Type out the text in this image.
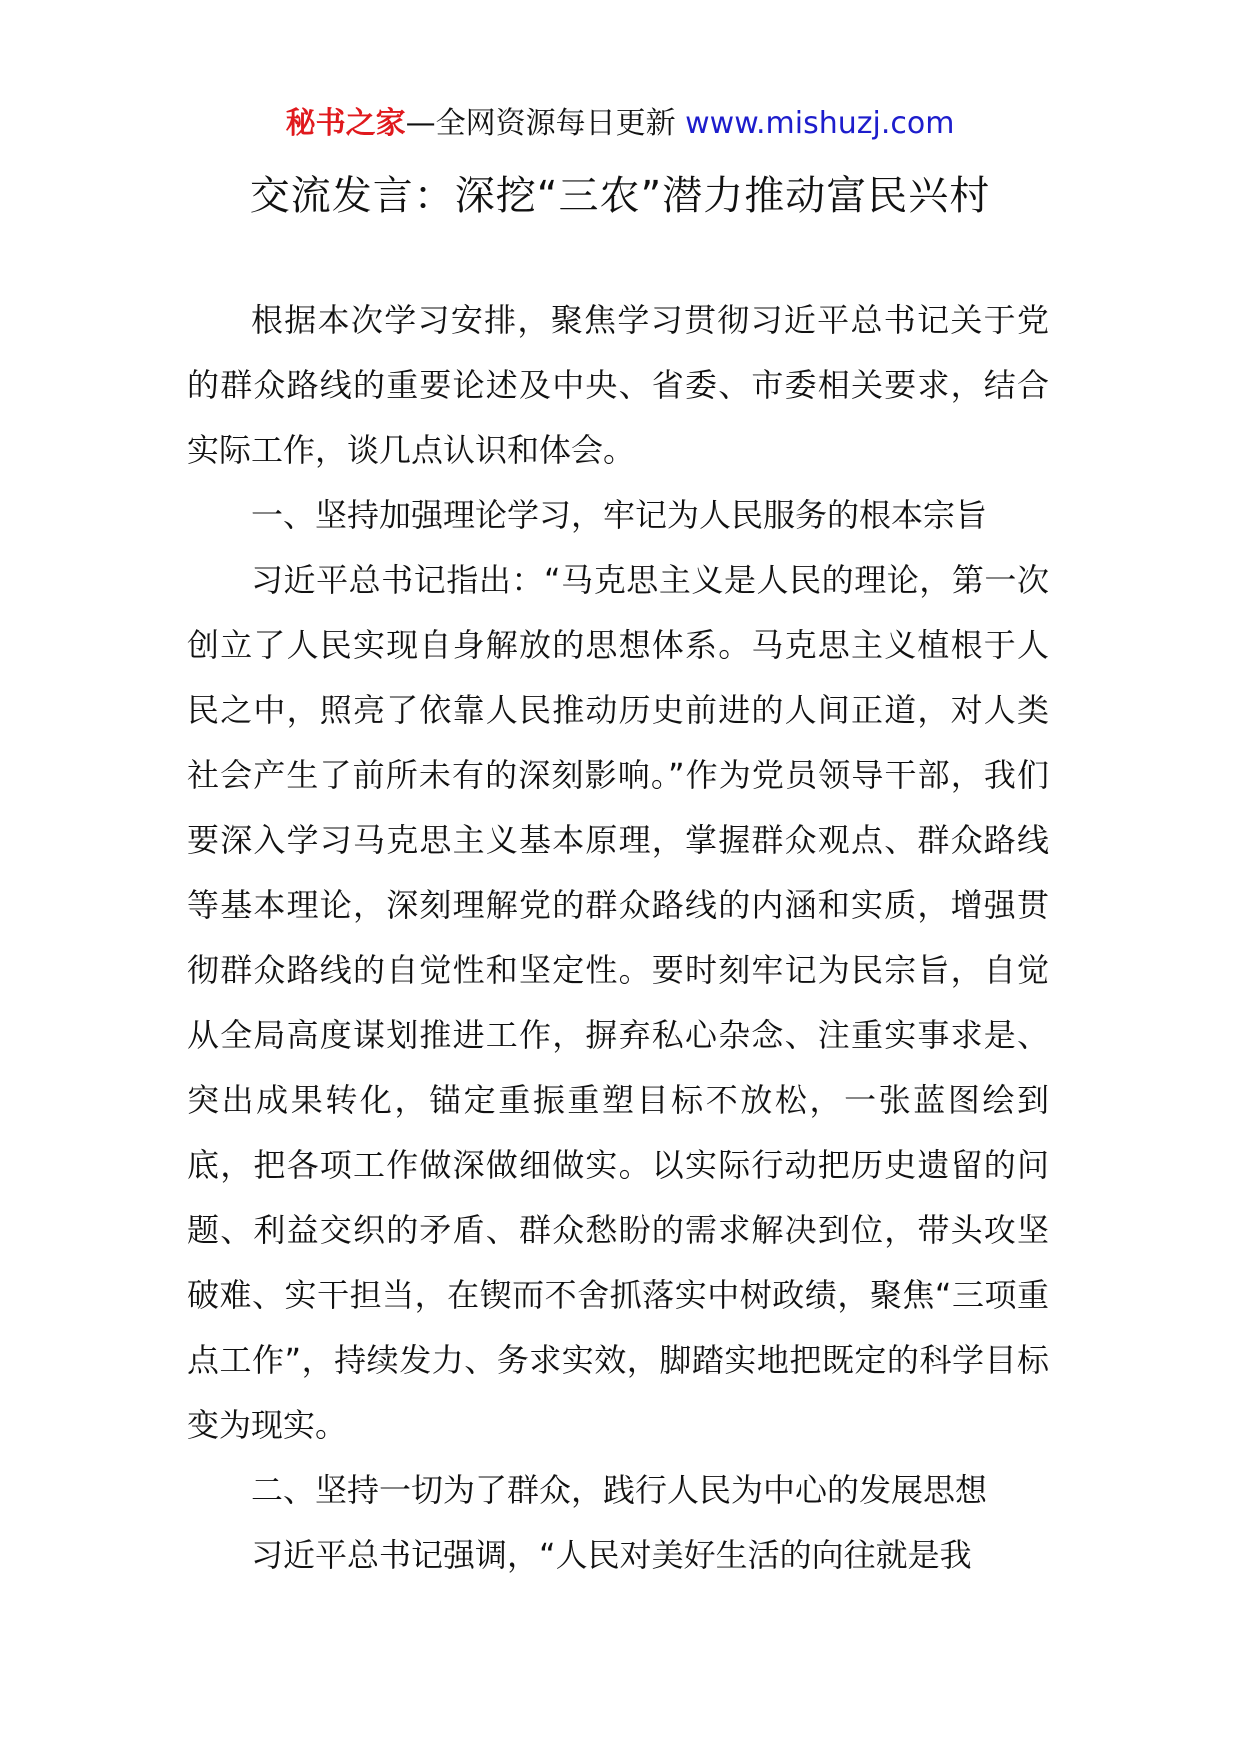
秘书之家—全网资源每日更新 www.mishuzj.com
交流发言：深挖“三农”潜力推动富民兴村

根据本次学习安排，聚焦学习贯彻习近平总书记关于党的群众路线的重要论述及中央、省委、市委相关要求，结合实际工作，谈几点认识和体会。

一、坚持加强理论学习，牢记为人民服务的根本宗旨

习近平总书记指出：“马克思主义是人民的理论，第一次创立了人民实现自身解放的思想体系。马克思主义植根于人民之中，照亮了依靠人民推动历史前进的人间正道，对人类社会产生了前所未有的深刻影响。”作为党员领导干部，我们要深入学习马克思主义基本原理，掌握群众观点、群众路线等基本理论，深刻理解党的群众路线的内涵和实质，增强贯彻群众路线的自觉性和坚定性。要时刻牢记为民宗旨，自觉从全局高度谋划推进工作，摒弃私心杂念、注重实事求是、突出成果转化，锚定重振重塑目标不放松，一张蓝图绘到底，把各项工作做深做细做实。以实际行动把历史遗留的问题、利益交织的矛盾、群众愁盼的需求解决到位，带头攻坚破难、实干担当，在锲而不舍抓落实中树政绩，聚焦“三项重点工作”，持续发力、务求实效，脚踏实地把既定的科学目标变为现实。

二、坚持一切为了群众，践行人民为中心的发展思想

习近平总书记强调，“人民对美好生活的向往就是我
